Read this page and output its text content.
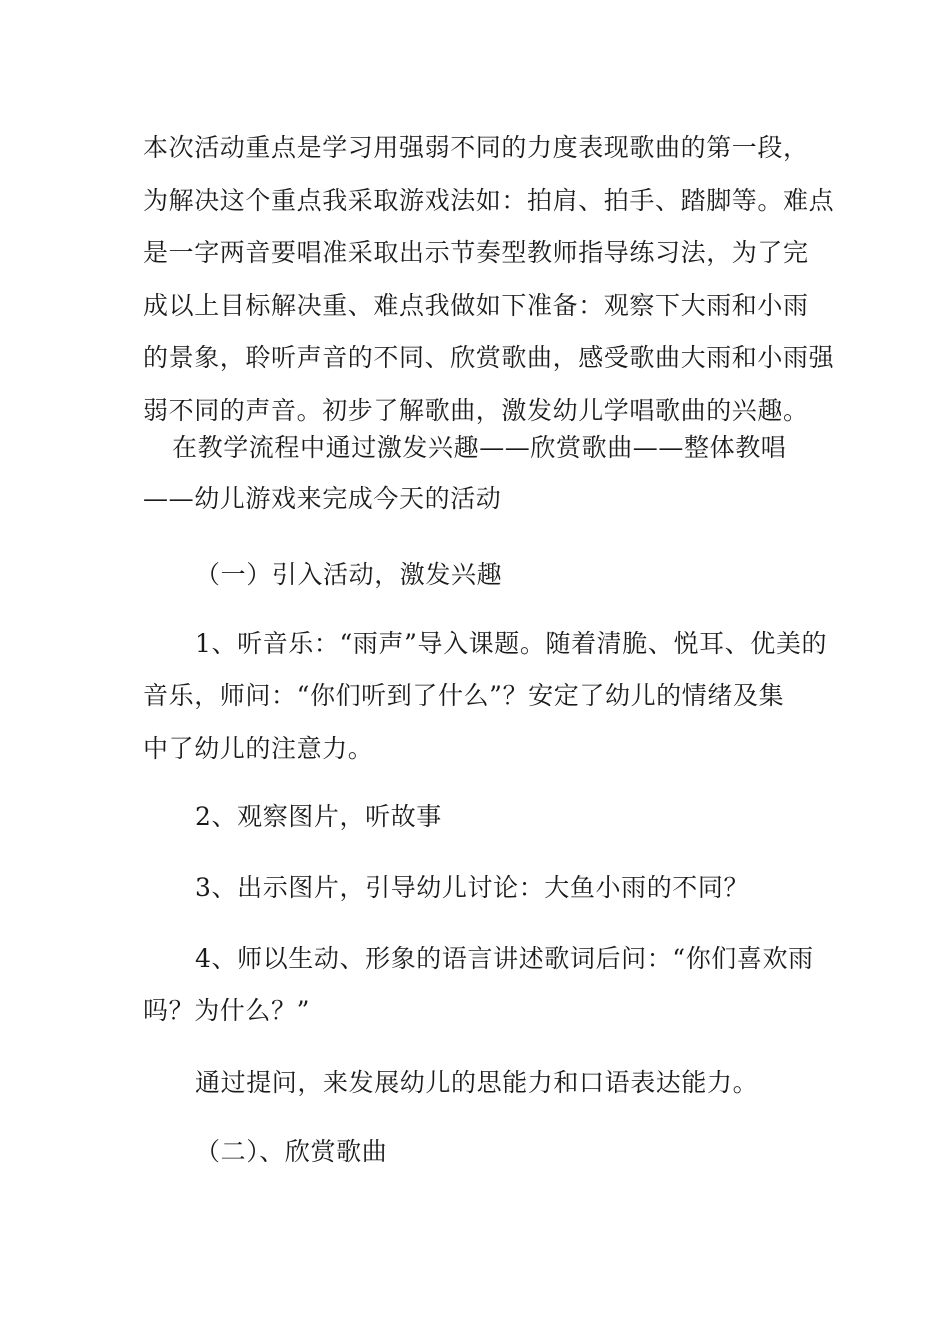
本次活动重点是学习用强弱不同的力度表现歌曲的第一段，
为解决这个重点我采取游戏法如：拍肩、拍手、踏脚等。难点
是一字两音要唱准采取出示节奏型教师指导练习法，为了完
成以上目标解决重、难点我做如下准备：观察下大雨和小雨
的景象，聆听声音的不同、欣赏歌曲，感受歌曲大雨和小雨强
弱不同的声音。初步了解歌曲，激发幼儿学唱歌曲的兴趣。
在教学流程中通过激发兴趣——欣赏歌曲——整体教唱
——幼儿游戏来完成今天的活动
（一）引入活动，激发兴趣
1、听音乐：“雨声”导入课题。随着清脆、悦耳、优美的
音乐，师问：“你们听到了什么”？安定了幼儿的情绪及集
中了幼儿的注意力。
2、观察图片，听故事
3、出示图片，引导幼儿讨论：大鱼小雨的不同？
4、师以生动、形象的语言讲述歌词后问：“你们喜欢雨
吗？为什么？”
通过提问，来发展幼儿的思能力和口语表达能力。
（二）、欣赏歌曲
